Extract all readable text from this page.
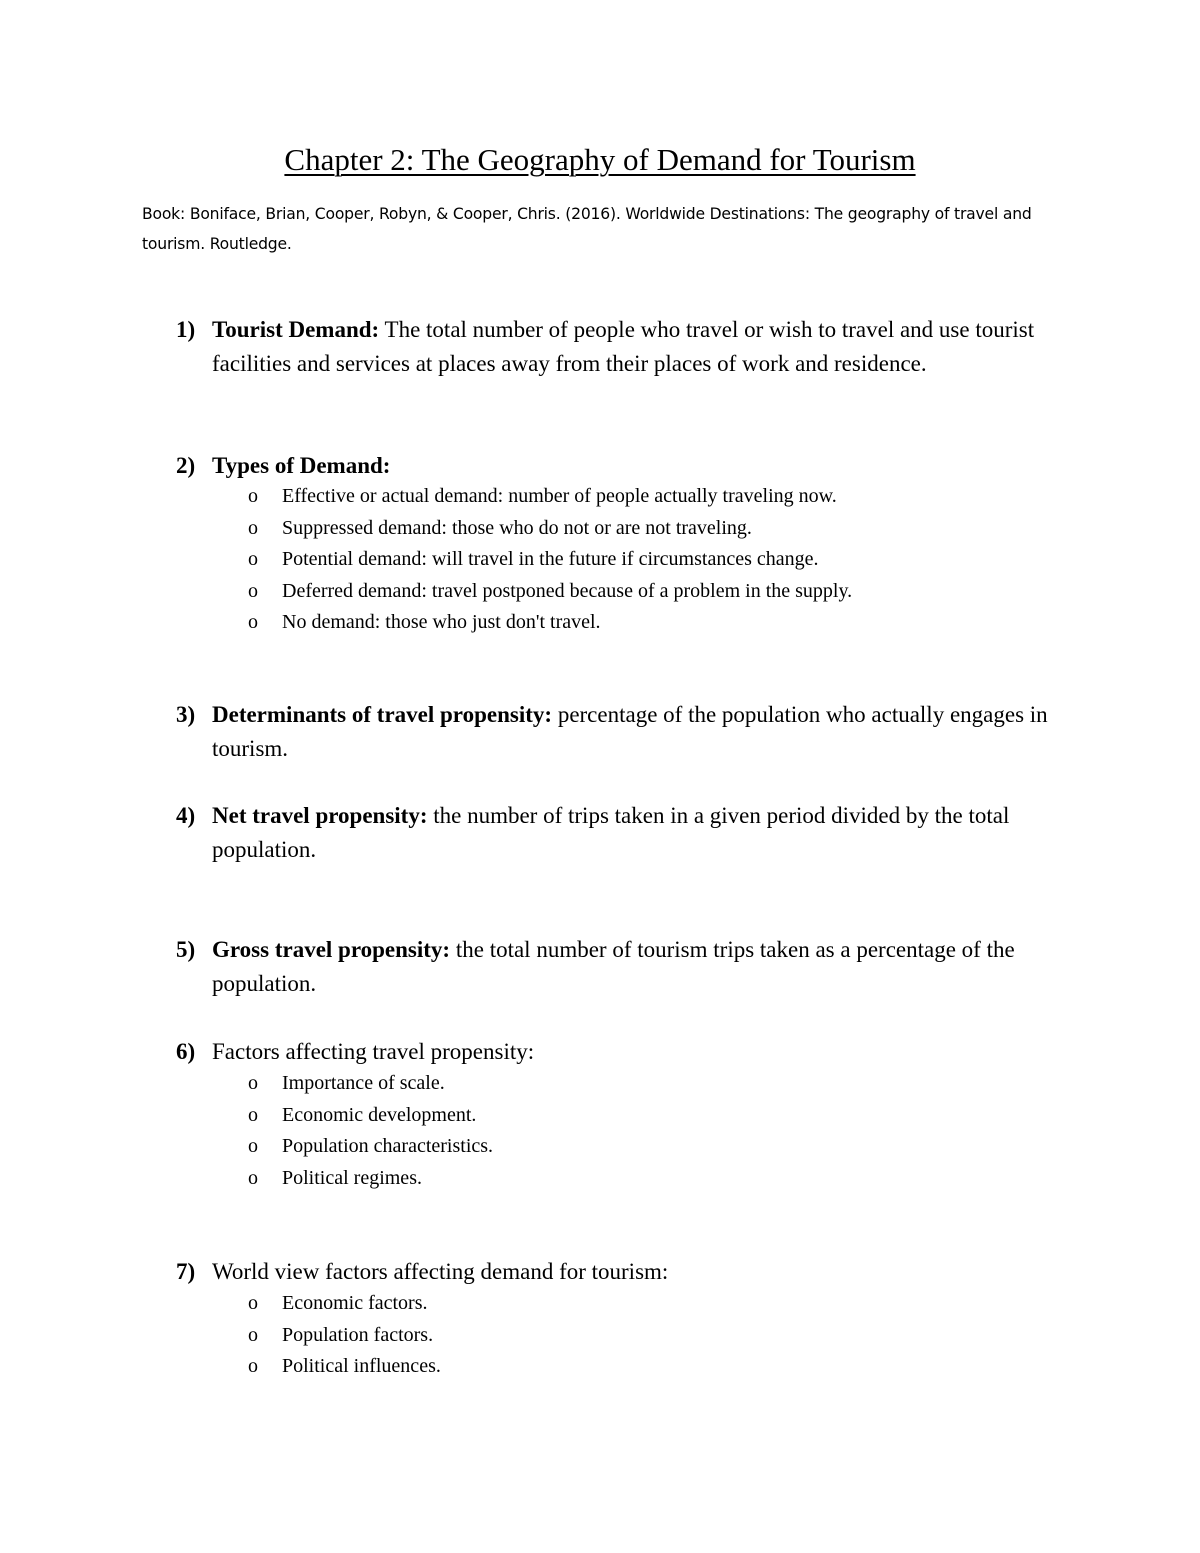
Chapter 2: The Geography of Demand for Tourism
Book: Boniface, Brian, Cooper, Robyn, & Cooper, Chris. (2016). Worldwide Destinations: The geography of travel and tourism. Routledge.
1) Tourist Demand: The total number of people who travel or wish to travel and use tourist facilities and services at places away from their places of work and residence.
2) Types of Demand:
o Effective or actual demand: number of people actually traveling now.
o Suppressed demand: those who do not or are not traveling.
o Potential demand: will travel in the future if circumstances change.
o Deferred demand: travel postponed because of a problem in the supply.
o No demand: those who just don't travel.
3) Determinants of travel propensity: percentage of the population who actually engages in tourism.
4) Net travel propensity: the number of trips taken in a given period divided by the total population.
5) Gross travel propensity: the total number of tourism trips taken as a percentage of the population.
6) Factors affecting travel propensity:
o Importance of scale.
o Economic development.
o Population characteristics.
o Political regimes.
7) World view factors affecting demand for tourism:
o Economic factors.
o Population factors.
o Political influences.
